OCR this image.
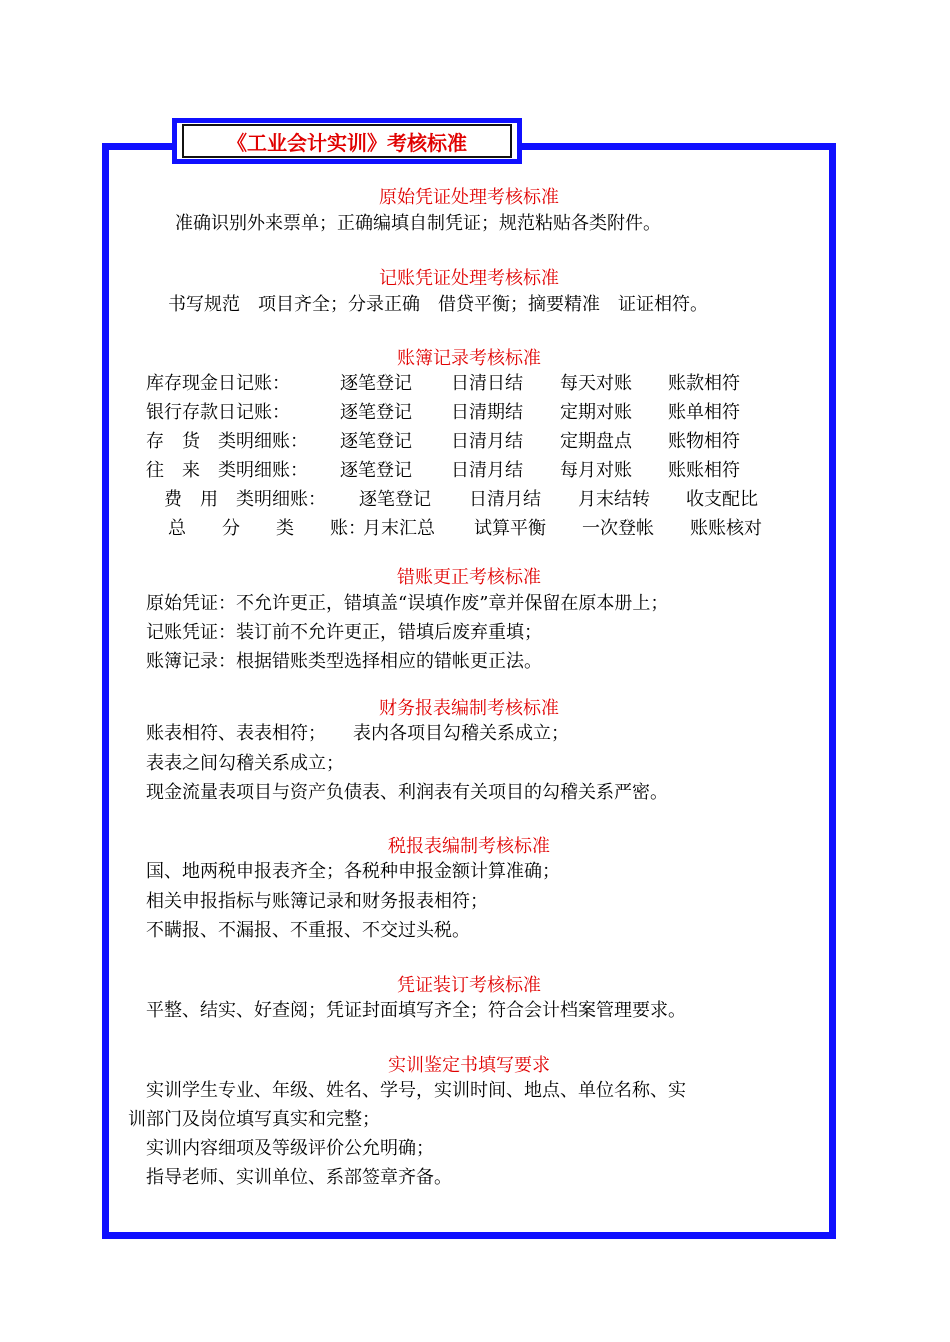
《工业会计实训》考核标准
原始凭证处理考核标准
准确识别外来票单；正确编填自制凭证；规范粘贴各类附件。
记账凭证处理考核标准
书写规范　项目齐全；分录正确　借贷平衡；摘要精准　证证相符。
账簿记录考核标准
库存现金日记账：	逐笔登记 日清日结 每天对账 账款相符
银行存款日记账：	逐笔登记 日清期结 定期对账 账单相符
存　货　类明细账： 逐笔登记 日清月结 定期盘点 账物相符
往　来　类明细账： 逐笔登记 日清月结 每月对账 账账相符
费　用　类明细账： 逐笔登记 日清月结 月末结转 收支配比
总　　分　　类　　账：
月末汇总 试算平衡 一次登帐 账账核对
错账更正考核标准
原始凭证：不允许更正，错填盖“误填作废”章并保留在原本册上；
记账凭证：装订前不允许更正，错填后废弃重填；
账簿记录：根据错账类型选择相应的错帐更正法。
财务报表编制考核标准
账表相符、表表相符；　　表内各项目勾稽关系成立；
表表之间勾稽关系成立；
现金流量表项目与资产负债表、利润表有关项目的勾稽关系严密。
税报表编制考核标准
国、地两税申报表齐全；各税种申报金额计算准确；
相关申报指标与账簿记录和财务报表相符；
不瞒报、不漏报、不重报、不交过头税。
凭证装订考核标准
平整、结实、好查阅；凭证封面填写齐全；符合会计档案管理要求。
实训鉴定书填写要求
实训学生专业、年级、姓名、学号，实训时间、地点、单位名称、实
训部门及岗位填写真实和完整；
实训内容细项及等级评价公允明确；
指导老师、实训单位、系部签章齐备。
